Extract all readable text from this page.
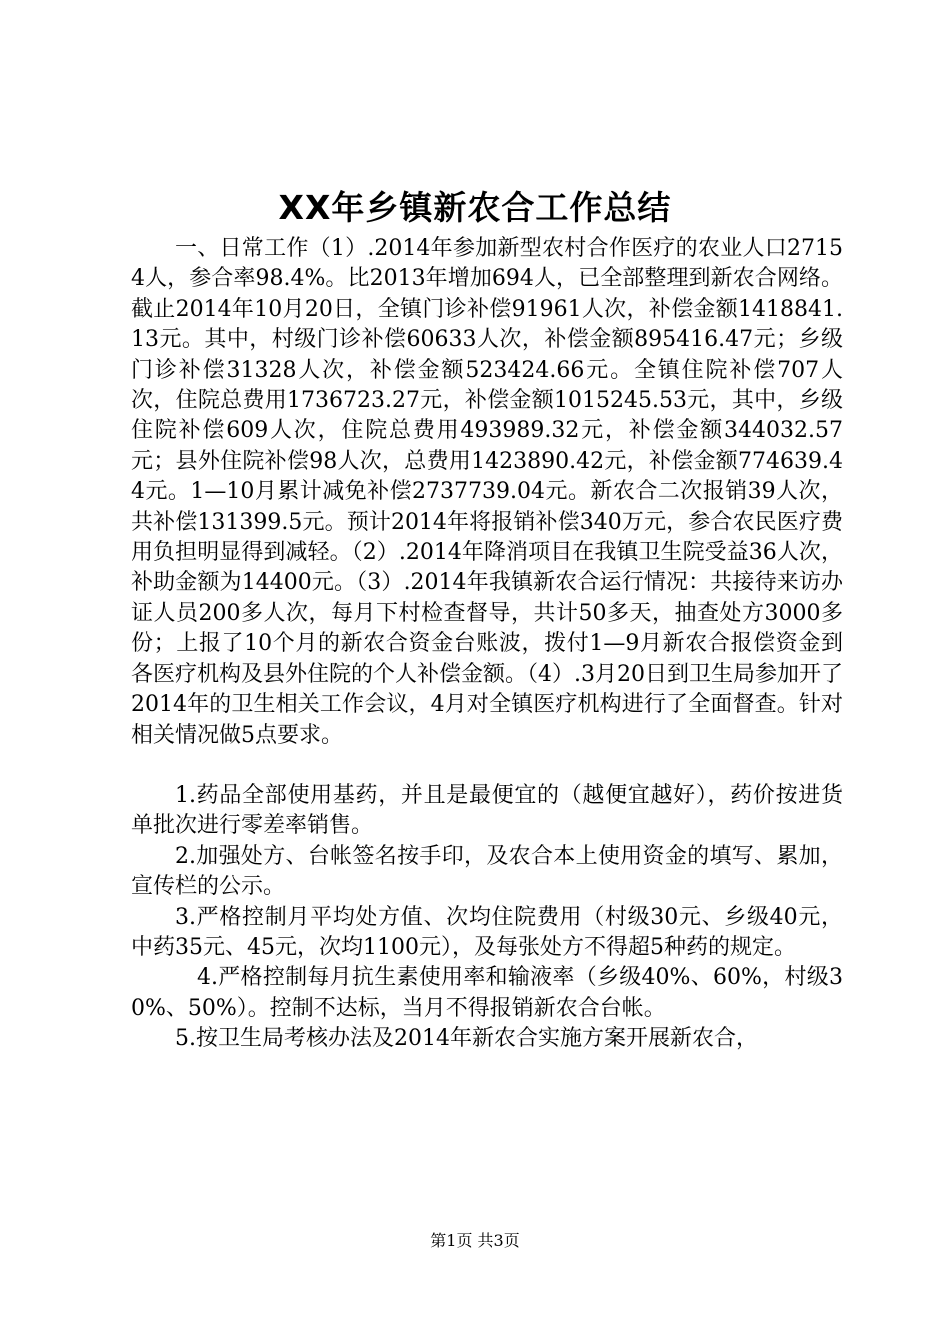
XX年乡镇新农合工作总结

一、日常工作（1）.2014年参加新型农村合作医疗的农业人口27154人，参合率98.4%。比2013年增加694人，已全部整理到新农合网络。截止2014年10月20日，全镇门诊补偿91961人次，补偿金额1418841.13元。其中，村级门诊补偿60633人次，补偿金额895416.47元；乡级门诊补偿31328人次，补偿金额523424.66元。全镇住院补偿707人次，住院总费用1736723.27元，补偿金额1015245.53元，其中，乡级住院补偿609人次，住院总费用493989.32元，补偿金额344032.57元；县外住院补偿98人次，总费用1423890.42元，补偿金额774639.44元。1—10月累计减免补偿2737739.04元。新农合二次报销39人次，共补偿131399.5元。预计2014年将报销补偿340万元，参合农民医疗费用负担明显得到减轻。（2）.2014年降消项目在我镇卫生院受益36人次，补助金额为14400元。（3）.2014年我镇新农合运行情况：共接待来访办证人员200多人次，每月下村检查督导，共计50多天，抽查处方3000多份；上报了10个月的新农合资金台账波，拨付1—9月新农合报偿资金到各医疗机构及县外住院的个人补偿金额。（4）.3月20日到卫生局参加开了2014年的卫生相关工作会议，4月对全镇医疗机构进行了全面督查。针对相关情况做5点要求。

1.药品全部使用基药，并且是最便宜的（越便宜越好），药价按进货单批次进行零差率销售。

2.加强处方、台帐签名按手印，及农合本上使用资金的填写、累加，宣传栏的公示。

3.严格控制月平均处方值、次均住院费用（村级30元、乡级40元，中药35元、45元，次均1100元），及每张处方不得超5种药的规定。

4.严格控制每月抗生素使用率和输液率（乡级40%、60%，村级30%、50%）。控制不达标，当月不得报销新农合台帐。

5.按卫生局考核办法及2014年新农合实施方案开展新农合，

第1页 共3页
